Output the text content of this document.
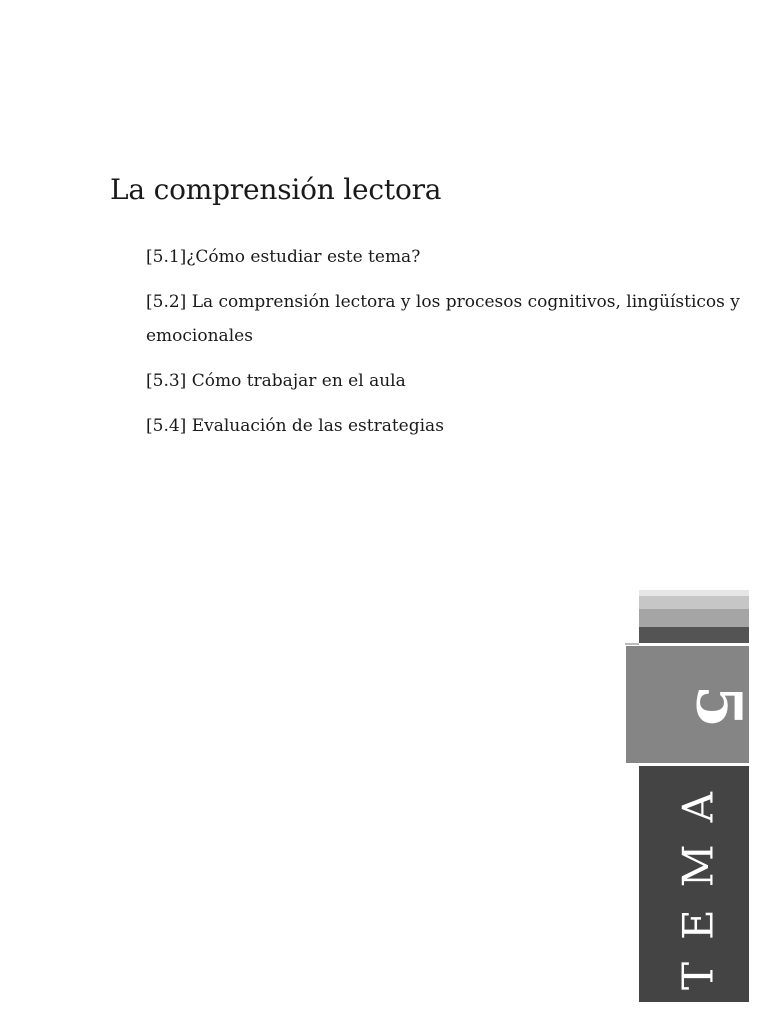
La comprensión lectora
[5.1]¿Cómo estudiar este tema?
[5.2] La comprensión lectora y los procesos cognitivos, lingüísticos y emocionales
[5.3] Cómo trabajar en el aula
[5.4] Evaluación de las estrategias
5
TEMA
